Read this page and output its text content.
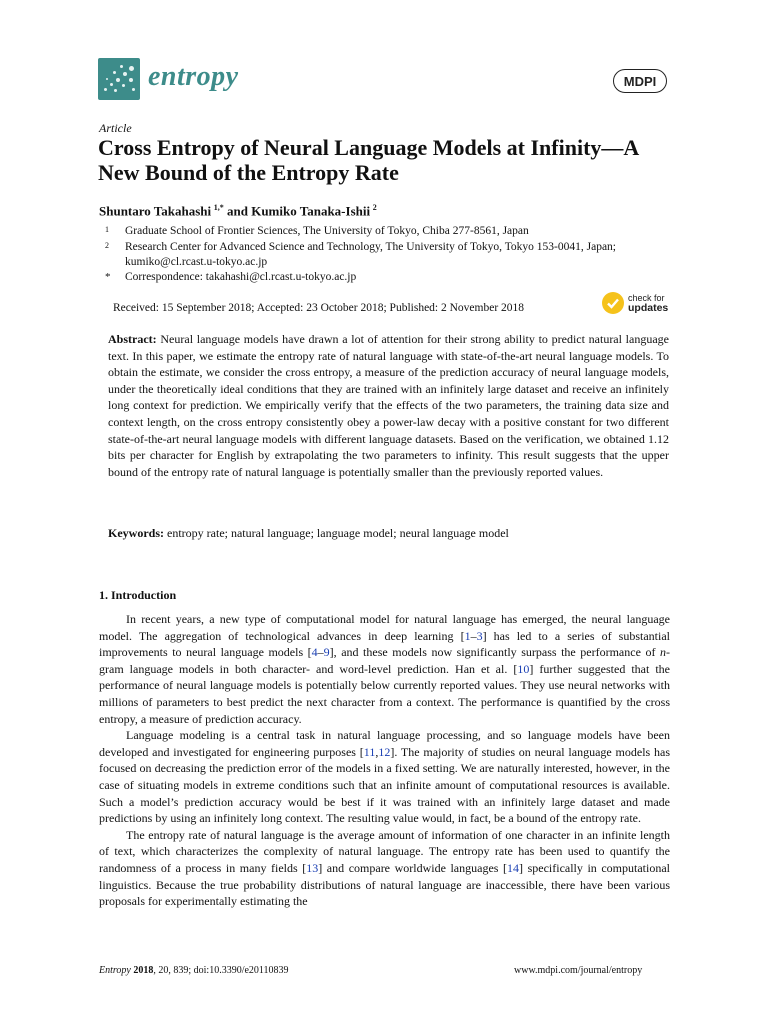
entropy	MDPI
Article
Cross Entropy of Neural Language Models at Infinity—A New Bound of the Entropy Rate
Shuntaro Takahashi  $^{1,*}$ and Kumiko Tanaka-Ishii  $^2$
1 Graduate School of Frontier Sciences, The University of Tokyo, Chiba 277-8561, Japan
2 Research Center for Advanced Science and Technology, The University of Tokyo, Tokyo 153-0041, Japan;
kumiko@cl.rcast.u-tokyo.ac.jp
* Correspondence: takahashi@cl.rcast.u-tokyo.ac.jp
Received: 15 September 2018; Accepted: 23 October 2018; Published: 2 November 2018
check for
updates
Abstract: Neural language models have drawn a lot of attention for their strong ability to predict natural language text. In this paper, we estimate the entropy rate of natural language with state-of-the-art neural language models. To obtain the estimate, we consider the cross entropy, a measure of the prediction accuracy of neural language models, under the theoretically ideal conditions that they are trained with an infinitely large dataset and receive an infinitely long context for prediction. We empirically verify that the effects of the two parameters, the training data size and context length, on the cross entropy consistently obey a power-law decay with a positive constant for two different state-of-the-art neural language models with different language datasets. Based on the verification, we obtained 1.12 bits per character for English by extrapolating the two parameters to infinity. This result suggests that the upper bound of the entropy rate of natural language is potentially smaller than the previously reported values.
Keywords: entropy rate; natural language; language model; neural language model
1. Introduction

In recent years, a new type of computational model for natural language has emerged, the neural language model. The aggregation of technological advances in deep learning [1–3] has led to a series of substantial improvements to neural language models [4–9], and these models now significantly surpass the performance of n-gram language models in both character- and word-level prediction. Han et al. [10] further suggested that the performance of neural language models is potentially below currently reported values. They use neural networks with millions of parameters to best predict the next character from a context. The performance is quantified by the cross entropy, a measure of prediction accuracy.

Language modeling is a central task in natural language processing, and so language models have been developed and investigated for engineering purposes [11,12]. The majority of studies on neural language models has focused on decreasing the prediction error of the models in a fixed setting. We are naturally interested, however, in the case of situating models in extreme conditions such that an infinite amount of computational resources is available. Such a model’s prediction accuracy would be best if it was trained with an infinitely large dataset and made predictions by using an infinitely long context. The resulting value would, in fact, be a bound of the entropy rate.

The entropy rate of natural language is the average amount of information of one character in an infinite length of text, which characterizes the complexity of natural language. The entropy rate has been used to quantify the randomness of a process in many fields [13] and compare worldwide languages [14] specifically in computational linguistics. Because the true probability distributions of natural language are inaccessible, there have been various proposals for experimentally estimating the

Entropy 2018, 20, 839; doi:10.3390/e20110839	www.mdpi.com/journal/entropy
